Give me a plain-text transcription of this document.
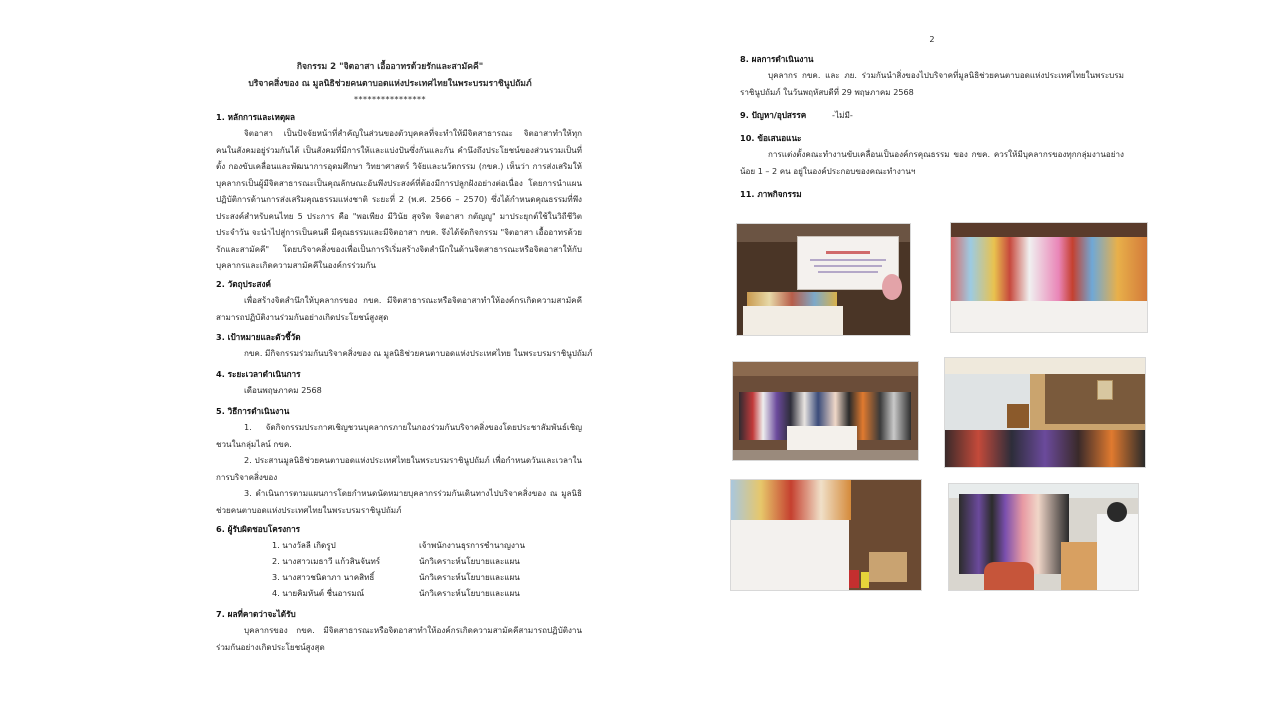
กิจกรรม 2 "จิตอาสา เอื้ออาทรด้วยรักและสามัคคี"
บริจาคสิ่งของ ณ มูลนิธิช่วยคนตาบอดแห่งประเทศไทยในพระบรมราชินูปถัมภ์
****************
1. หลักการและเหตุผล
จิตอาสา เป็นปัจจัยหน้าที่สำคัญในส่วนของตัวบุคคลที่จะทำให้มีจิตสาธารณะ จิตอาสาทำให้ทุกคนในสังคมอยู่ร่วมกันได้ เป็นสังคมที่มีการให้และแบ่งปันซึ่งกันและกัน คำนึงถึงประโยชน์ของส่วนรวมเป็นที่ตั้ง กองขับเคลื่อนและพัฒนาการอุดมศึกษา วิทยาศาสตร์ วิจัยและนวัตกรรม (กขค.) เห็นว่า การส่งเสริมให้บุคลากรเป็นผู้มีจิตสาธารณะเป็นคุณลักษณะอันพึงประสงค์ที่ต้องมีการปลูกฝังอย่างต่อเนื่อง โดยการนำแผนปฏิบัติการด้านการส่งเสริมคุณธรรมแห่งชาติ ระยะที่ 2 (พ.ศ. 2566 – 2570) ซึ่งได้กำหนดคุณธรรมที่พึงประสงค์สำหรับคนไทย 5 ประการ คือ "พอเพียง มีวินัย สุจริต จิตอาสา กตัญญู" มาประยุกต์ใช้ในวิถีชีวิตประจำวัน จะนำไปสู่การเป็นคนดี มีคุณธรรมและมีจิตอาสา กขค. จึงได้จัดกิจกรรม "จิตอาสา เอื้ออาทรด้วยรักและสามัคคี" โดยบริจาคสิ่งของเพื่อเป็นการริเริ่มสร้างจิตสำนึกในด้านจิตสาธารณะหรือจิตอาสาให้กับบุคลากรและเกิดความสามัคคีในองค์กรร่วมกัน
2. วัตถุประสงค์
เพื่อสร้างจิตสำนึกให้บุคลากรของ กขค. มีจิตสาธารณะหรือจิตอาสาทำให้องค์กรเกิดความสามัคคีสามารถปฏิบัติงานร่วมกันอย่างเกิดประโยชน์สูงสุด
3. เป้าหมายและตัวชี้วัด
กขค. มีกิจกรรมร่วมกันบริจาคสิ่งของ ณ มูลนิธิช่วยคนตาบอดแห่งประเทศไทย ในพระบรมราชินูปถัมภ์
4. ระยะเวลาดำเนินการ
เดือนพฤษภาคม 2568
5. วิธีการดำเนินงาน
1. จัดกิจกรรมประกาศเชิญชวนบุคลากรภายในกองร่วมกันบริจาคสิ่งของโดยประชาสัมพันธ์เชิญชวนในกลุ่มไลน์ กขค.
2. ประสานมูลนิธิช่วยคนตาบอดแห่งประเทศไทยในพระบรมราชินูปถัมภ์ เพื่อกำหนดวันและเวลาในการบริจาคสิ่งของ
3. ดำเนินการตามแผนการโดยกำหนดนัดหมายบุคลากรร่วมกันเดินทางไปบริจาคสิ่งของ ณ มูลนิธิช่วยคนตาบอดแห่งประเทศไทยในพระบรมราชินูปถัมภ์
6. ผู้รับผิดชอบโครงการ
1. นางวัลลี เกิดรูป	เจ้าพนักงานธุรการชำนาญงาน
2. นางสาวเมธาวี แก้วสินจันทร์	นักวิเคราะห์นโยบายและแผน
3. นางสาวชนิดาภา นาคสิทธิ์	นักวิเคราะห์นโยบายและแผน
4. นายคิมหันต์ ชื่นอารมณ์	นักวิเคราะห์นโยบายและแผน
7. ผลที่คาดว่าจะได้รับ
บุคลากรของ กขค. มีจิตสาธารณะหรือจิตอาสาทำให้องค์กรเกิดความสามัคคีสามารถปฏิบัติงานร่วมกันอย่างเกิดประโยชน์สูงสุด
2
8. ผลการดำเนินงาน
บุคลากร กขค. และ ภย. ร่วมกันนำสิ่งของไปบริจาคที่มูลนิธิช่วยคนตาบอดแห่งประเทศไทยในพระบรมราชินูปถัมภ์ ในวันพฤหัสบดีที่ 29 พฤษภาคม 2568
9. ปัญหา/อุปสรรค	-ไม่มี-
10. ข้อเสนอแนะ
การแต่งตั้งคณะทำงานขับเคลื่อนเป็นองค์กรคุณธรรม ของ กขค. ควรให้มีบุคลากรของทุกกลุ่มงานอย่างน้อย 1 – 2 คน อยู่ในองค์ประกอบของคณะทำงานฯ
11. ภาพกิจกรรม
